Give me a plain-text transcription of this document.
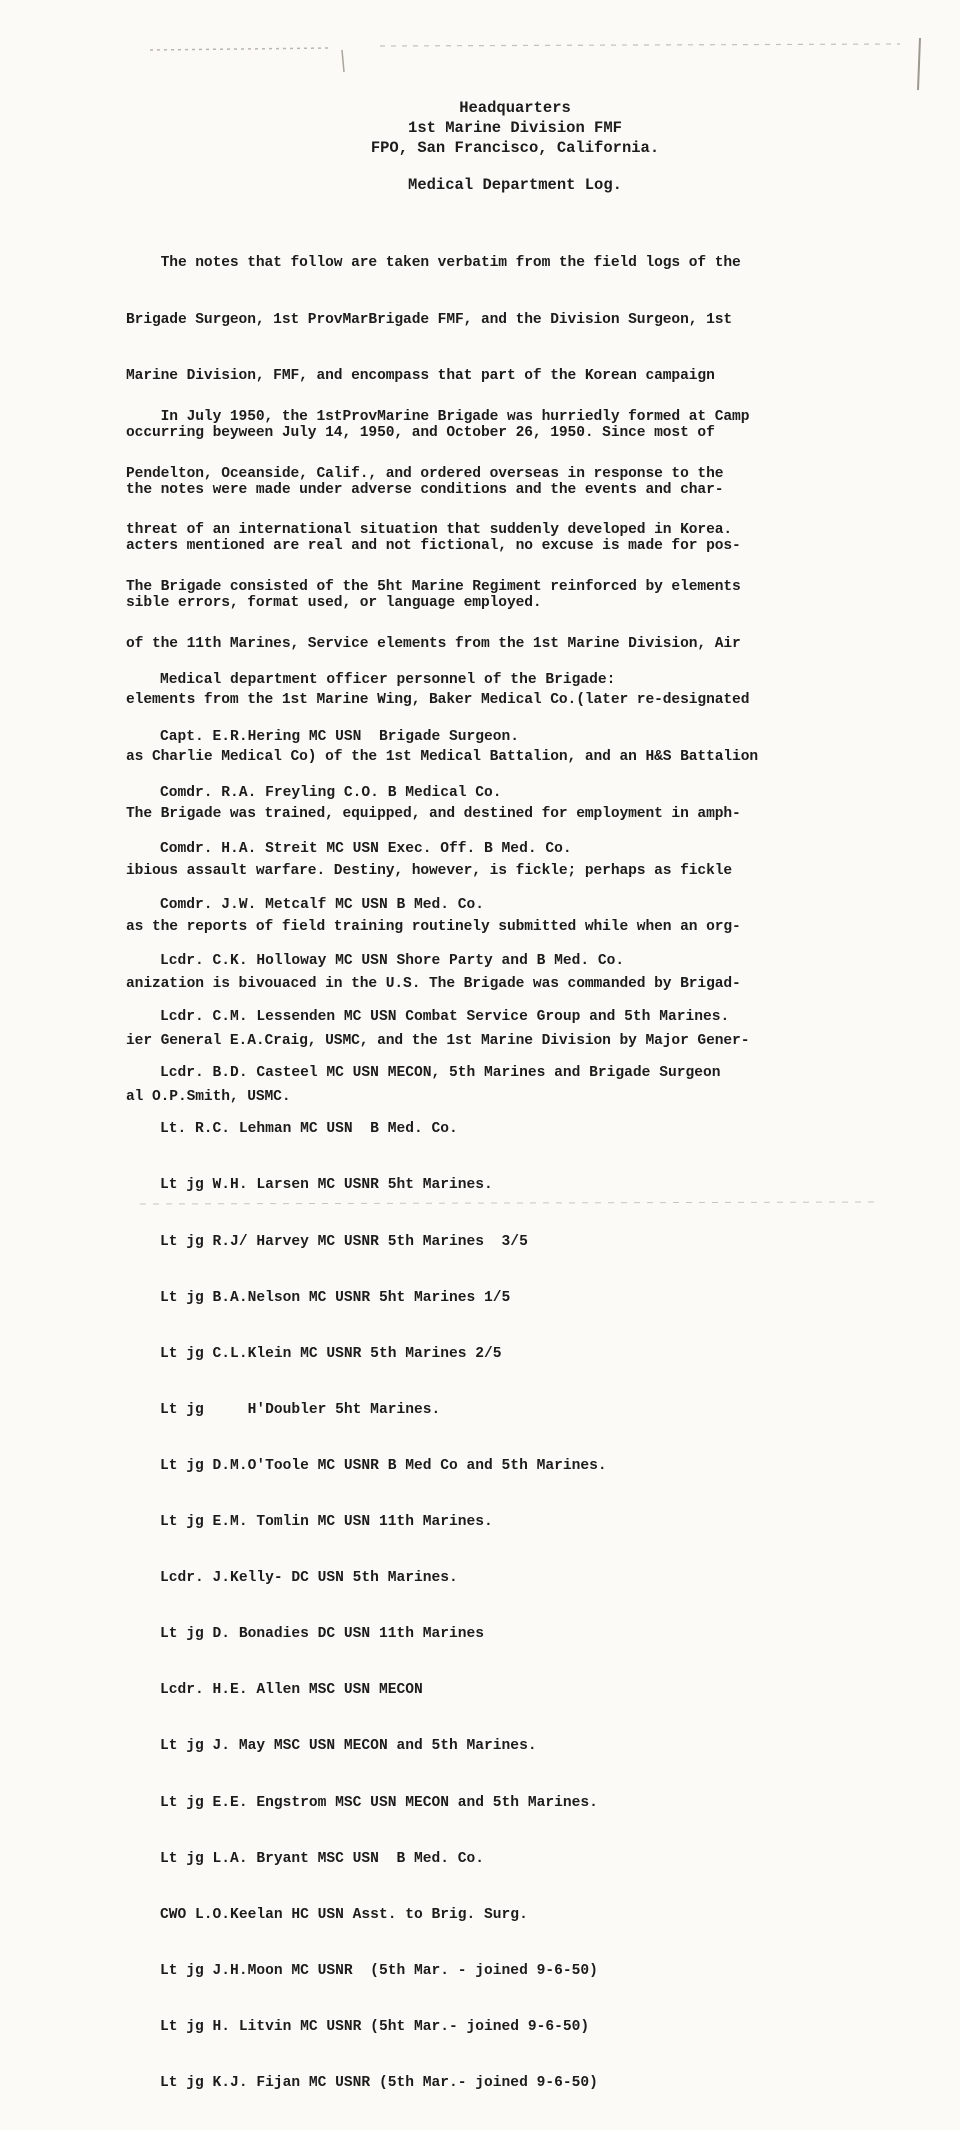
Headquarters
1st Marine Division FMF
FPO, San Francisco, California.
Medical Department Log.

The notes that follow are taken verbatim from the field logs of the

Brigade Surgeon, 1st ProvMarBrigade FMF, and the Division Surgeon, 1st

Marine Division, FMF, and encompass that part of the Korean campaign

occurring beyween July 14, 1950, and October 26, 1950. Since most of

the notes were made under adverse conditions and the events and char-

acters mentioned are real and not fictional, no excuse is made for pos-

sible errors, format used, or language employed.

In July 1950, the 1stProvMarine Brigade was hurriedly formed at Camp

Pendelton, Oceanside, Calif., and ordered overseas in response to the

threat of an international situation that suddenly developed in Korea.

The Brigade consisted of the 5ht Marine Regiment reinforced by elements

of the 11th Marines, Service elements from the 1st Marine Division, Air

elements from the 1st Marine Wing, Baker Medical Co.(later re-designated

as Charlie Medical Co) of the 1st Medical Battalion, and an H&S Battalion

The Brigade was trained, equipped, and destined for employment in amph-

ibious assault warfare. Destiny, however, is fickle; perhaps as fickle

as the reports of field training routinely submitted while when an org-

anization is bivouaced in the U.S. The Brigade was commanded by Brigad-

ier General E.A.Craig, USMC, and the 1st Marine Division by Major Gener-

al O.P.Smith, USMC.

Medical department officer personnel of the Brigade:

Capt. E.R.Hering MC USN  Brigade Surgeon.

Comdr. R.A. Freyling C.O. B Medical Co.

Comdr. H.A. Streit MC USN Exec. Off. B Med. Co.

Comdr. J.W. Metcalf MC USN B Med. Co.

Lcdr. C.K. Holloway MC USN Shore Party and B Med. Co.

Lcdr. C.M. Lessenden MC USN Combat Service Group and 5th Marines.

Lcdr. B.D. Casteel MC USN MECON, 5th Marines and Brigade Surgeon

Lt. R.C. Lehman MC USN  B Med. Co.

Lt jg W.H. Larsen MC USNR 5ht Marines.

Lt jg R.J/ Harvey MC USNR 5th Marines  3/5

Lt jg B.A.Nelson MC USNR 5ht Marines 1/5

Lt jg C.L.Klein MC USNR 5th Marines 2/5

Lt jg     H'Doubler 5ht Marines.

Lt jg D.M.O'Toole MC USNR B Med Co and 5th Marines.

Lt jg E.M. Tomlin MC USN 11th Marines.

Lcdr. J.Kelly- DC USN 5th Marines.

Lt jg D. Bonadies DC USN 11th Marines

Lcdr. H.E. Allen MSC USN MECON

Lt jg J. May MSC USN MECON and 5th Marines.

Lt jg E.E. Engstrom MSC USN MECON and 5th Marines.

Lt jg L.A. Bryant MSC USN  B Med. Co.

CWO L.O.Keelan HC USN Asst. to Brig. Surg.

Lt jg J.H.Moon MC USNR  (5th Mar. - joined 9-6-50)

Lt jg H. Litvin MC USNR (5ht Mar.- joined 9-6-50)

Lt jg K.J. Fijan MC USNR (5th Mar.- joined 9-6-50)
